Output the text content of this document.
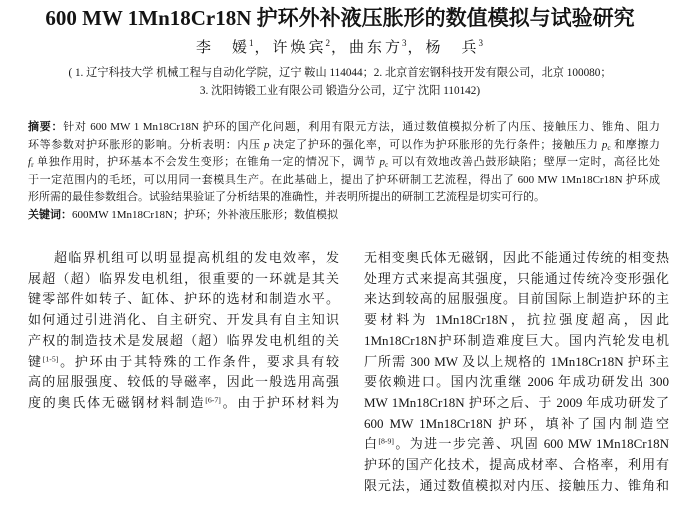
600 MW 1Mn18Cr18N 护环外补液压胀形的数值模拟与试验研究
李　媛$^1$，许焕宾$^2$，曲东方$^3$，杨　兵$^3$
( 1. 辽宁科技大学 机械工程与自动化学院，辽宁 鞍山 114044；2. 北京首宏钢科技开发有限公司，北京 100080；
3. 沈阳铸锻工业有限公司 锻造分公司，辽宁 沈阳 110142)
摘要：针对 600 MW 1 Mn18Cr18N 护环的国产化问题，利用有限元方法，通过数值模拟分析了内压、接触压力、锥角、阻力
环等参数对护环胀形的影响。分析表明：内压 p 决定了护环的强化率，可以作为护环胀形的先行条件；接触压力 pc 和摩擦力
fr 单独作用时，护环基本不会发生变形；在锥角一定的情况下，调节 pc 可以有效地改善凸鼓形缺陷；壁厚一定时，高径比处
于一定范围内的毛坯，可以用同一套模具生产。在此基础上，提出了护环研制工艺流程，得出了 600 MW 1Mn18Cr18N 护环成
形所需的最佳参数组合。试验结果验证了分析结果的准确性，并表明所提出的研制工艺流程是切实可行的。
关键词：600MW 1Mn18Cr18N；护环；外补液压胀形；数值模拟
超临界机组可以明显提高机组的发电效率，发
展超（超）临界发电机组，很重要的一环就是其关
键零部件如转子、缸体、护环的选材和制造水平。
如何通过引进消化、自主研究、开发具有自主知识
产权的制造技术是发展超（超）临界发电机组的关
键[1-5]。护环由于其特殊的工作条件，要求具有较
高的屈服强度、较低的导磁率，因此一般选用高强
度的奥氏体无磁钢材料制造[6-7]。由于护环材料为
无相变奥氏体无磁钢，因此不能通过传统的相变热
处理方式来提高其强度，只能通过传统冷变形强化
来达到较高的屈服强度。目前国际上制造护环的主
要材料为 1Mn18Cr18N，抗拉强度超高，因此
1Mn18Cr18N护环制造难度巨大。国内汽轮发电机
厂所需 300 MW 及以上规格的 1Mn18Cr18N 护环主
要依赖进口。国内沈重继 2006 年成功研发出 300
MW 1Mn18Cr18N 护环之后、于 2009 年成功研发了
600 MW 1Mn18Cr18N 护环，填补了国内制造空
白[8-9]。为进一步完善、巩固 600 MW 1Mn18Cr18N
护环的国产化技术，提高成材率、合格率，利用有
限元法，通过数值模拟对内压、接触压力、锥角和
